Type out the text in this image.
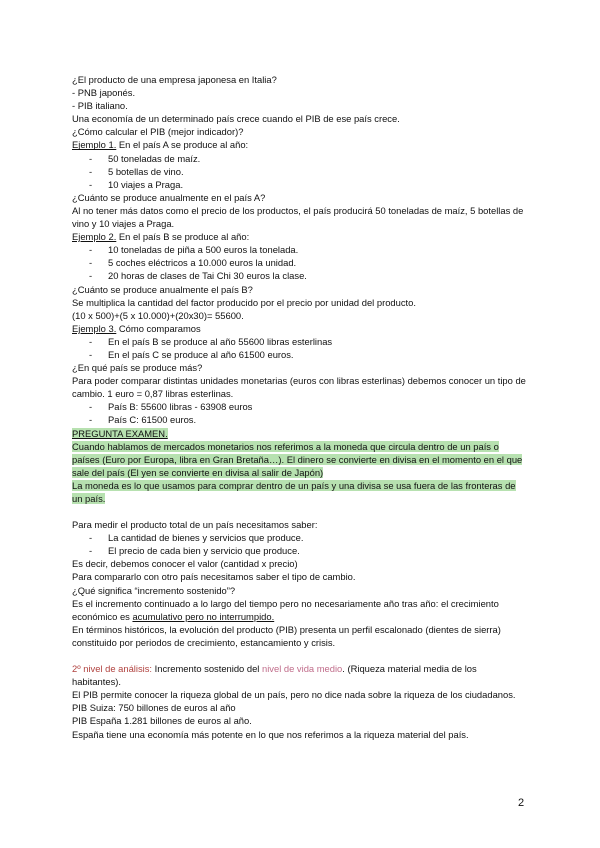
¿El producto de una empresa japonesa en Italia?

- PNB japonés.

- PIB italiano.

Una economía de un determinado país crece cuando el PIB de ese país crece.

¿Cómo calcular el PIB (mejor indicador)?

Ejemplo 1. En el país A se produce al año:

- 50 toneladas de maíz.

- 5 botellas de vino.

- 10 viajes a Praga.

¿Cuánto se produce anualmente en el país A?

Al no tener más datos como el precio de los productos, el país producirá 50 toneladas de maíz, 5 botellas de vino y 10 viajes a Praga.

Ejemplo 2. En el país B se produce al año:

- 10 toneladas de piña a 500 euros la tonelada.

- 5 coches eléctricos a 10.000 euros la unidad.

- 20 horas de clases de Tai Chi 30 euros la clase.

¿Cuánto se produce anualmente el país B?

Se multiplica la cantidad del factor producido por el precio por unidad del producto.

(10 x 500)+(5 x 10.000)+(20x30)= 55600.

Ejemplo 3. Cómo comparamos

- En el país B se produce al año 55600 libras esterlinas

- En el país C se produce al año 61500 euros.

¿En qué país se produce más?

Para poder comparar distintas unidades monetarias (euros con libras esterlinas) debemos conocer un tipo de cambio. 1 euro = 0,87 libras esterlinas.

- País B: 55600 libras - 63908 euros

- País C: 61500 euros.

PREGUNTA EXAMEN.

Cuando hablamos de mercados monetarios nos referimos a la moneda que circula dentro de un país o países (Euro por Europa, libra en Gran Bretaña…). El dinero se convierte en divisa en el momento en el que sale del país (El yen se convierte en divisa al salir de Japón)

La moneda es lo que usamos para comprar dentro de un país y una divisa se usa fuera de las fronteras de un país.

Para medir el producto total de un país necesitamos saber:

- La cantidad de bienes y servicios que produce.

- El precio de cada bien y servicio que produce.

Es decir, debemos conocer el valor (cantidad x precio)

Para compararlo con otro país necesitamos saber el tipo de cambio.

¿Qué significa “incremento sostenido”?

Es el incremento continuado a lo largo del tiempo pero no necesariamente año tras año: el crecimiento económico es acumulativo pero no interrumpido.

En términos históricos, la evolución del producto (PIB) presenta un perfil escalonado (dientes de sierra) constituido por periodos de crecimiento, estancamiento y crisis.

2º nivel de análisis: Incremento sostenido del nivel de vida medio. (Riqueza material media de los habitantes).

El PIB permite conocer la riqueza global de un país, pero no dice nada sobre la riqueza de los ciudadanos.

PIB Suiza: 750 billones de euros al año

PIB España 1.281 billones de euros al año.

España tiene una economía más potente en lo que nos referimos a la riqueza material del país.

2
